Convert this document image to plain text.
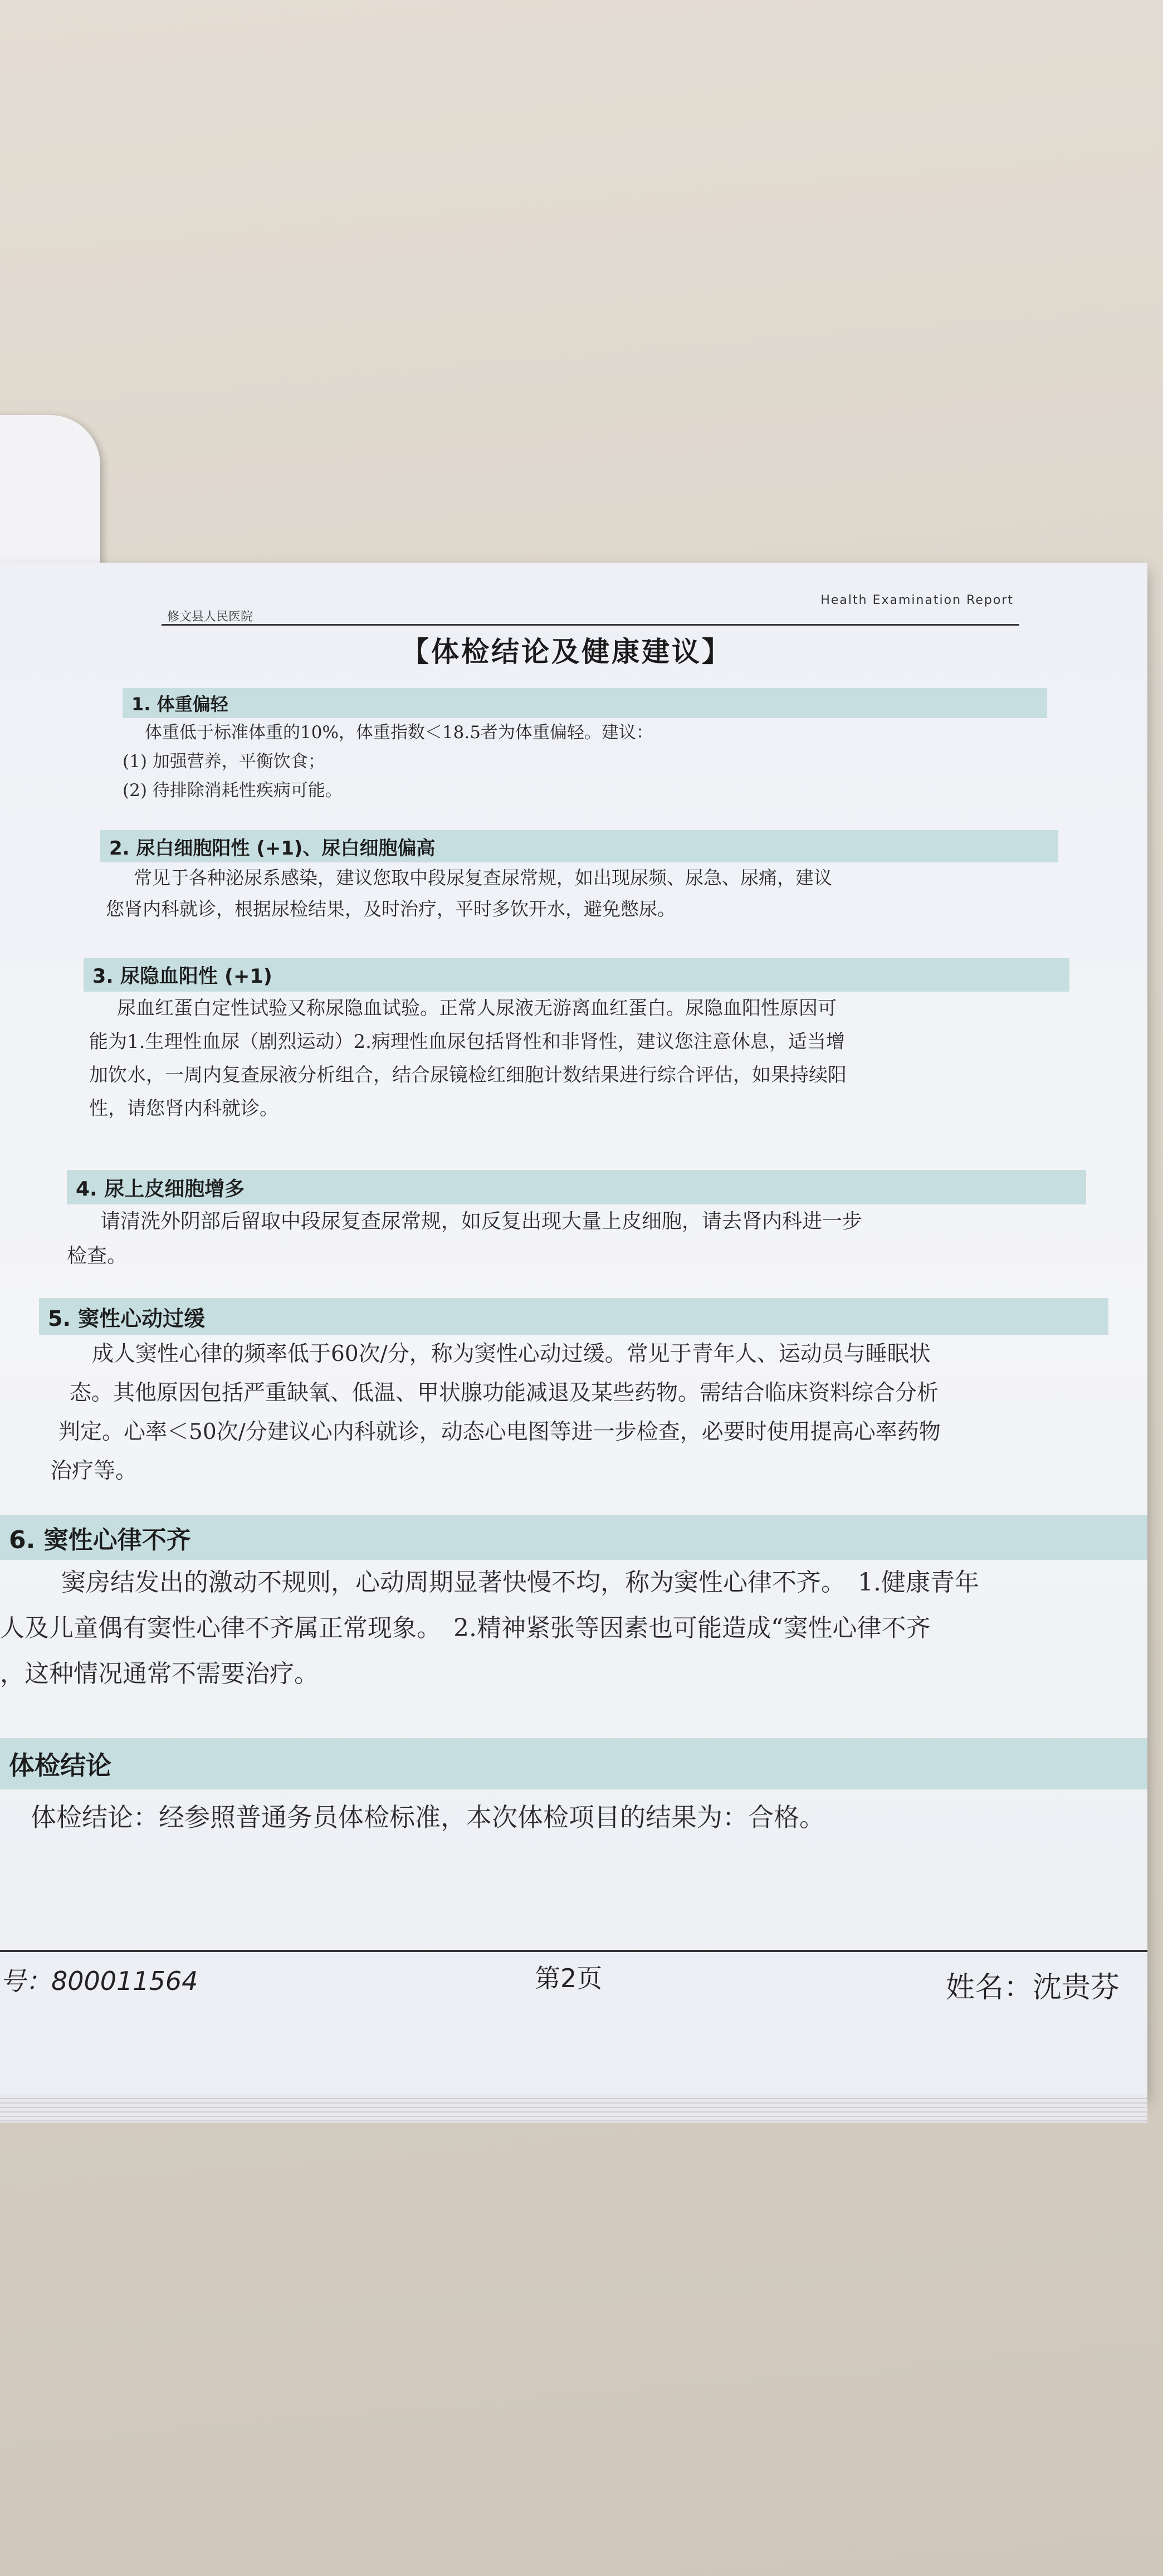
修文县人民医院
Health Examination Report
【体检结论及健康建议】
1. 体重偏轻

体重低于标准体重的10%，体重指数＜18.5者为体重偏轻。建议：

(1) 加强营养，平衡饮食；

(2) 待排除消耗性疾病可能。

2. 尿白细胞阳性 (+1)、尿白细胞偏高

常见于各种泌尿系感染，建议您取中段尿复查尿常规，如出现尿频、尿急、尿痛，建议

您肾内科就诊，根据尿检结果，及时治疗，平时多饮开水，避免憋尿。

3. 尿隐血阳性 (+1)

尿血红蛋白定性试验又称尿隐血试验。正常人尿液无游离血红蛋白。尿隐血阳性原因可

能为1.生理性血尿（剧烈运动）2.病理性血尿包括肾性和非肾性，建议您注意休息，适当增

加饮水，一周内复查尿液分析组合，结合尿镜检红细胞计数结果进行综合评估，如果持续阳

性，请您肾内科就诊。

4. 尿上皮细胞增多

请清洗外阴部后留取中段尿复查尿常规，如反复出现大量上皮细胞，请去肾内科进一步

检查。

5. 窦性心动过缓

成人窦性心律的频率低于60次/分，称为窦性心动过缓。常见于青年人、运动员与睡眠状

态。其他原因包括严重缺氧、低温、甲状腺功能减退及某些药物。需结合临床资料综合分析

判定。心率＜50次/分建议心内科就诊，动态心电图等进一步检查，必要时使用提高心率药物

治疗等。

6. 窦性心律不齐

窦房结发出的激动不规则，心动周期显著快慢不均，称为窦性心律不齐。　1.健康青年

人及儿童偶有窦性心律不齐属正常现象。　2.精神紧张等因素也可能造成“窦性心律不齐

，这种情况通常不需要治疗。

体检结论

体检结论：经参照普通务员体检标准，本次体检项目的结果为：合格。

号：800011564	第2页	姓名：沈贵芬
